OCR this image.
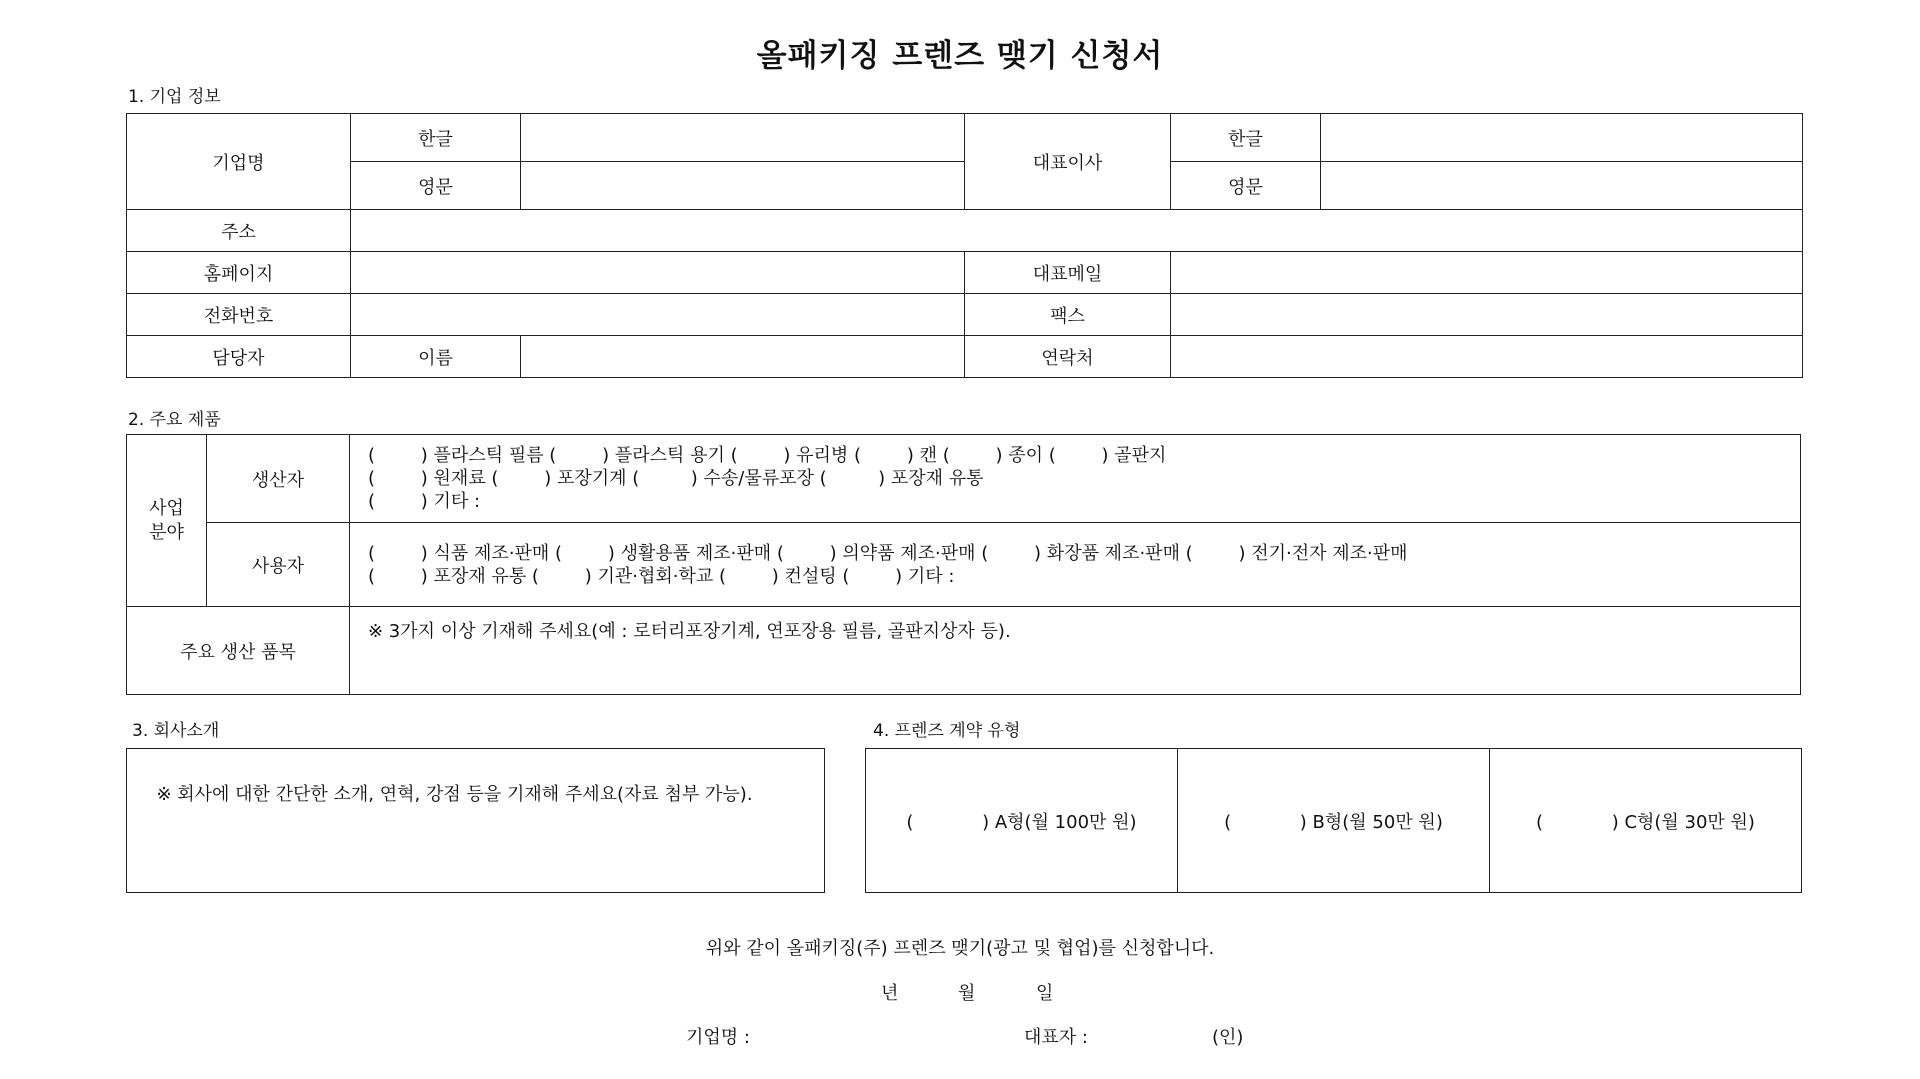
올패키징 프렌즈 맺기 신청서
1. 기업 정보
기업명	한글		대표이사	한글	
	영문			영문	
주소					
홈페이지			대표메일		
전화번호			팩스		
담당자	이름		연락처		
2. 주요 제품
사업
분야	생산자	(        ) 플라스틱 필름 (        ) 플라스틱 용기 (        ) 유리병 (        ) 캔 (        ) 종이 (        ) 골판지
(        ) 원재료 (        ) 포장기계 (         ) 수송/물류포장 (         ) 포장재 유통
(        ) 기타 :

	사용자	(        ) 식품 제조·판매 (        ) 생활용품 제조·판매 (        ) 의약품 제조·판매 (        ) 화장품 제조·판매 (        ) 전기·전자 제조·판매
(        ) 포장재 유통 (        ) 기관·협회·학교 (        ) 컨설팅 (        ) 기타 :

주요 생산 품목		※ 3가지 이상 기재해 주세요(예 : 로터리포장기계, 연포장용 필름, 골판지상자 등).
3. 회사소개

※ 회사에 대한 간단한 소개, 연혁, 강점 등을 기재해 주세요(자료 첨부 가능).

4. 프렌즈 계약 유형
(            ) A형(월 100만 원)	(            ) B형(월 50만 원)	(            ) C형(월 30만 원)
위와 같이 올패키징(주) 프렌즈 맺기(광고 및 협업)를 신청합니다.
년	월	일
기업명 :	대표자 :	(인)
